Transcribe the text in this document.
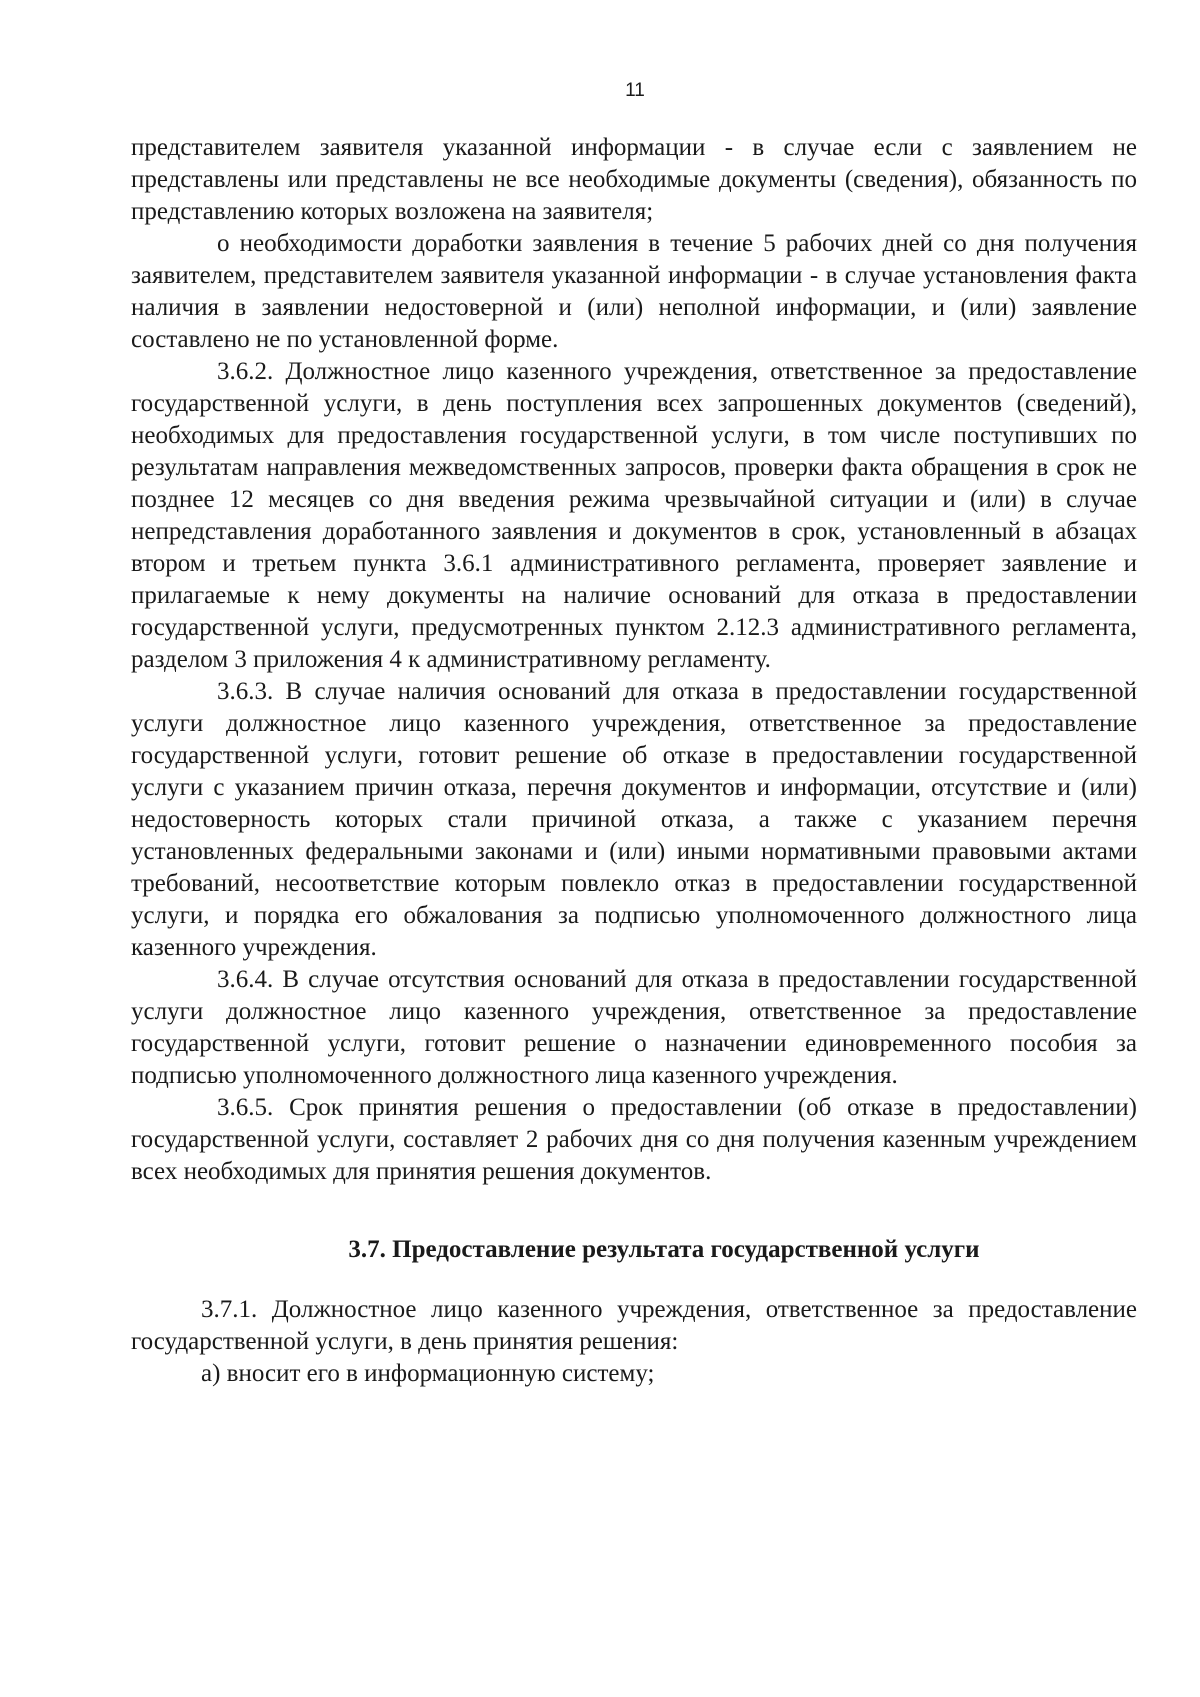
11

представителем заявителя указанной информации - в случае если с заявлением не представлены или представлены не все необходимые документы (сведения), обязанность по представлению которых возложена на заявителя;

о необходимости доработки заявления в течение 5 рабочих дней со дня получения заявителем, представителем заявителя указанной информации - в случае установления факта наличия в заявлении недостоверной и (или) неполной информации, и (или) заявление составлено не по установленной форме.

3.6.2. Должностное лицо казенного учреждения, ответственное за предоставление государственной услуги, в день поступления всех запрошенных документов (сведений), необходимых для предоставления государственной услуги, в том числе поступивших по результатам направления межведомственных запросов, проверки факта обращения в срок не позднее 12 месяцев со дня введения режима чрезвычайной ситуации и (или) в случае непредставления доработанного заявления и документов в срок, установленный в абзацах втором и третьем пункта 3.6.1 административного регламента, проверяет заявление и прилагаемые к нему документы на наличие оснований для отказа в предоставлении государственной услуги, предусмотренных пунктом 2.12.3 административного регламента, разделом 3 приложения 4 к административному регламенту.

3.6.3. В случае наличия оснований для отказа в предоставлении государственной услуги должностное лицо казенного учреждения, ответственное за предоставление государственной услуги, готовит решение об отказе в предоставлении государственной услуги с указанием причин отказа, перечня документов и информации, отсутствие и (или) недостоверность которых стали причиной отказа, а также с указанием перечня установленных федеральными законами и (или) иными нормативными правовыми актами требований, несоответствие которым повлекло отказ в предоставлении государственной услуги, и порядка его обжалования за подписью уполномоченного должностного лица казенного учреждения.

3.6.4. В случае отсутствия оснований для отказа в предоставлении государственной услуги должностное лицо казенного учреждения, ответственное за предоставление государственной услуги, готовит решение о назначении единовременного пособия за подписью уполномоченного должностного лица казенного учреждения.

3.6.5. Срок принятия решения о предоставлении (об отказе в предоставлении) государственной услуги, составляет 2 рабочих дня со дня получения казенным учреждением всех необходимых для принятия решения документов.

3.7. Предоставление результата государственной услуги

3.7.1. Должностное лицо казенного учреждения, ответственное за предоставление государственной услуги, в день принятия решения:

а) вносит его в информационную систему;
